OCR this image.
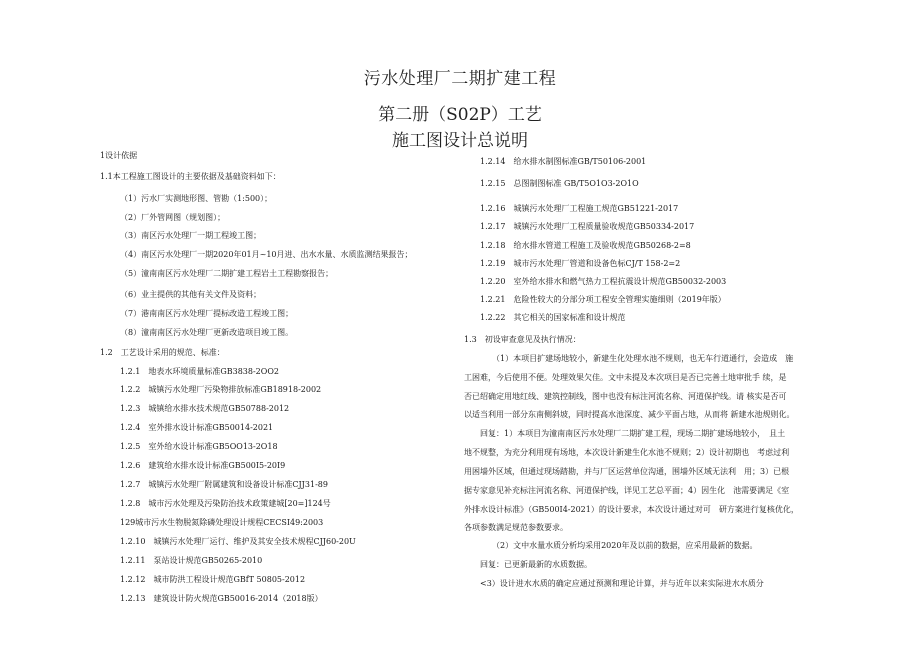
污水处理厂二期扩建工程
第二册（S02P）工艺
施工图设计总说明
1设计依据
1.1本工程施工图设计的主要依据及基础资料如下：
（1）污水厂实测地形图、管勘（1:500）；
（2）厂外管网图（规划图）；
（3）南区污水处理厂一期工程竣工图；
（4）南区污水处理厂一期2020年01月~10月进、出水水量、水质监测结果报告；
（5）潼南南区污水处理厂二期扩建工程岩土工程勘察报告；
（6）业主提供的其他有关文件及资料；
（7）港南南区污水处理厂提标改造工程竣工图；
（8）潼南南区污水处理厂更新改造项目竣工图。
1.2　工艺设计采用的规范、标准：
1.2.1　地表水环境质量标准GB3838-2OO2
1.2.2　城镇污水处理厂污染物排放标准GB18918-2002
1.2.3　城镇给水排水技术规范GB50788-2012
1.2.4　室外排水设计标准GB50014-2021
1.2.5　室外给水设计标准GB5OO13-2O18
1.2.6　建筑给水排水设计标准GB500I5-20I9
1.2.7　城镇污水处理厂附属建筑和设备设计标准CJJ31-89
1.2.8　城市污水处理及污染防治技术政策建城[20=]124号
129城市污水生物脱氮除磷处理设计规程CECSI49:2003
1.2.10　城镇污水处理厂运行、维护及其安全技术规程CJJ60-20U
1.2.11　泵站设计规范GB50265-2010
1.2.12　城市防洪工程设计规范GBfT 50805-2012
1.2.13　建筑设计防火规范GB50016-2014（2018版）
1.2.14　给水排水制图标准GB/T50106-2001
1.2.15　总图制图标准 GB/T5O1O3-2O1O
1.2.16　城镇污水处理厂工程施工规范GB51221-2017
1.2.17　城镇污水处理厂工程质量验收规范GB50334-2017
1.2.18　给水排水管道工程施工及验收规范GB50268-2=8
1.2.19　城市污水处理厂管道和设备色标CJ/T 158-2=2
1.2.20　室外给水排水和燃气热力工程抗震设计规范GB50032-2003
1.2.21　危险性较大的分部分项工程安全管理实施细则（2019年版）
1.2.22　其它相关的国家标准和设计规范
1.3　初设审查意见及执行情况：
（1）本项目扩建场地较小，新建生化处理水池不规则，也无车行道通行，会造成　施
工困难，今后使用不便。处理效果欠佳。文中未提及本次项目是否已完善土地审批手 续，是
否已绍确定用地红线、建筑控制线，图中也没有标注河流名称、河道保护线。请 核实是否可
以适当利用一部分东南侧斜坡，同时提高水池深度、减少平面占地，从而将 新建水池规则化。
回复：1）本项目为潼南南区污水处理厂二期扩建工程，现场二期扩建场地较小，　且土
地不规整，为充分利用现有场地，本次设计新建生化水池不规则；2）设计初期也　考虑过利
用困墙外区域，但通过现场踏勘，并与厂区运营单位沟通，围墙外区域无法利　用；3）已根
据专家意见补充标注河流名称、河道保护线，详见工艺总平面；4）因生化　池需要满足《室
外排水设计标准》（GB500I4-2021）的设计要求，本次设计通过对可　研方案进行复核优化，
各项参数满足规范参数要求。
（2）文中水量水质分析均采用2020年及以前的数据，应采用最新的数据。
回复：已更新最新的水质数据。
<3）设计进水水质的确定应通过预测和理论计算，并与近年以来实际进水水质分
